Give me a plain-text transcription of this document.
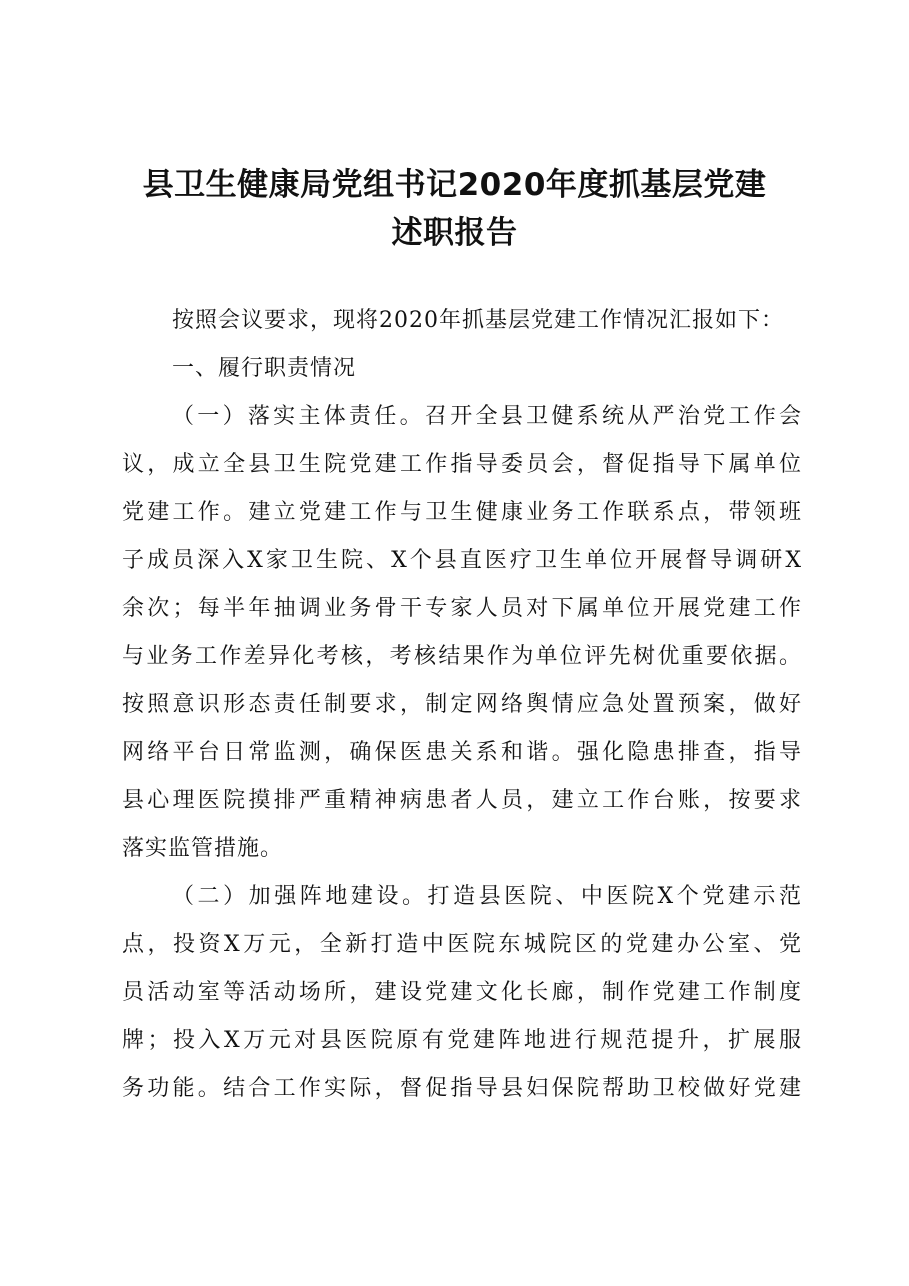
县卫生健康局党组书记2020年度抓基层党建
述职报告
按照会议要求，现将2020年抓基层党建工作情况汇报如下：
一、履行职责情况
（一）落实主体责任。召开全县卫健系统从严治党工作会
议，成立全县卫生院党建工作指导委员会，督促指导下属单位
党建工作。建立党建工作与卫生健康业务工作联系点，带领班
子成员深入X家卫生院、X个县直医疗卫生单位开展督导调研X
余次；每半年抽调业务骨干专家人员对下属单位开展党建工作
与业务工作差异化考核，考核结果作为单位评先树优重要依据。
按照意识形态责任制要求，制定网络舆情应急处置预案，做好
网络平台日常监测，确保医患关系和谐。强化隐患排查，指导
县心理医院摸排严重精神病患者人员，建立工作台账，按要求
落实监管措施。
（二）加强阵地建设。打造县医院、中医院X个党建示范
点，投资X万元，全新打造中医院东城院区的党建办公室、党
员活动室等活动场所，建设党建文化长廊，制作党建工作制度
牌；投入X万元对县医院原有党建阵地进行规范提升，扩展服
务功能。结合工作实际，督促指导县妇保院帮助卫校做好党建
